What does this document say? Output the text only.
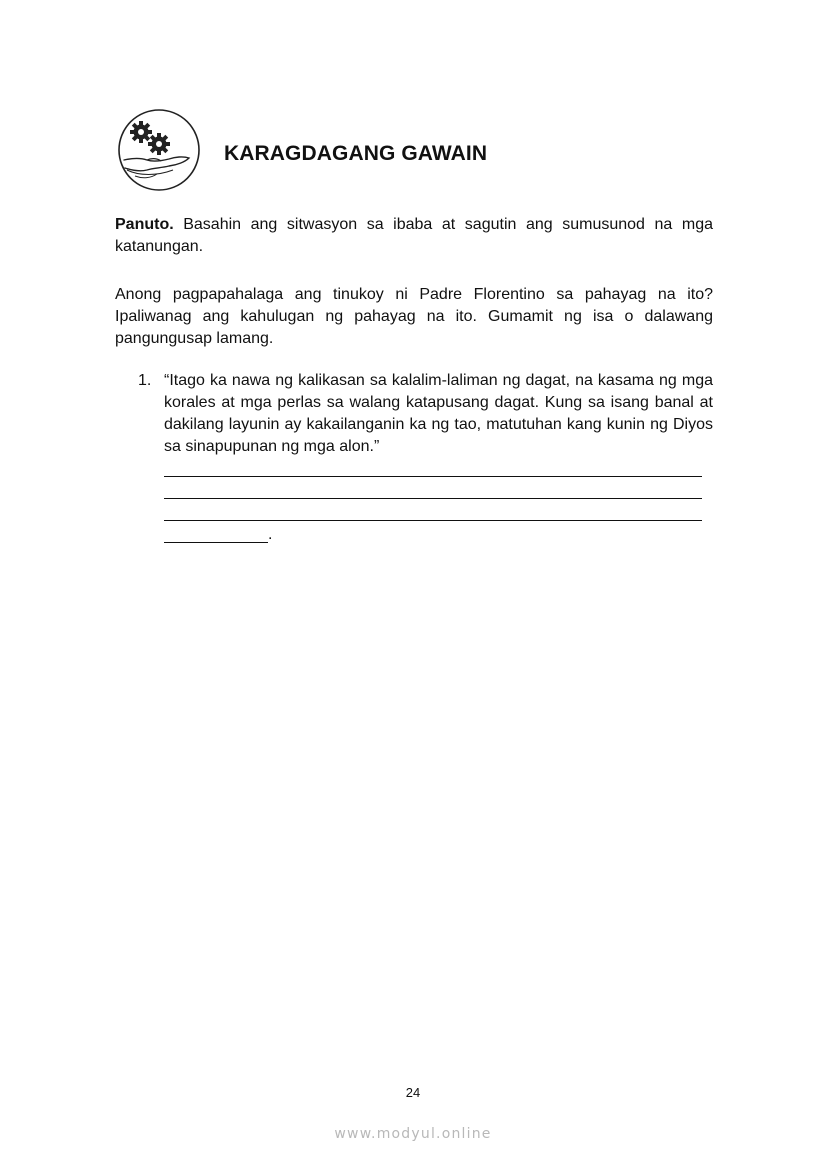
KARAGDAGANG GAWAIN
Panuto. Basahin ang sitwasyon sa ibaba at sagutin ang sumusunod na mga katanungan.
Anong pagpapahalaga ang tinukoy ni Padre Florentino sa pahayag na ito? Ipaliwanag ang kahulugan ng pahayag na ito. Gumamit ng isa o dalawang pangungusap lamang.
1. “Itago ka nawa ng kalikasan sa kalalim-laliman ng dagat, na kasama ng mga korales at mga perlas sa walang katapusang dagat. Kung sa isang banal at dakilang layunin ay kakailanganin ka ng tao, matutuhan kang kunin ng Diyos sa sinapupunan ng mga alon.”
.
24
www.modyul.online
